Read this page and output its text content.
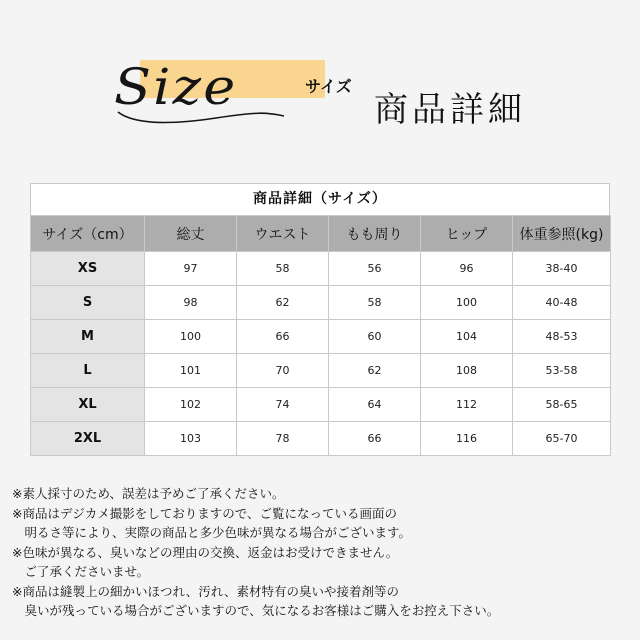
Size	サイズ
商品詳細
商品詳細（サイズ）
サイズ（cm）	総丈	ウエスト	もも周り	ヒップ	体重参照(kg)
XS	97	58	56	96	38-40
S	98	62	58	100	40-48
M	100	66	60	104	48-53
L	101	70	62	108	53-58
XL	102	74	64	112	58-65
2XL	103	78	66	116	65-70
※素人採寸のため、誤差は予めご了承ください。
※商品はデジカメ撮影をしておりますので、ご覧になっている画面の
　明るさ等により、実際の商品と多少色味が異なる場合がございます。
※色味が異なる、臭いなどの理由の交換、返金はお受けできません。
　ご了承くださいませ。
※商品は縫製上の細かいほつれ、汚れ、素材特有の臭いや接着剤等の
　臭いが残っている場合がございますので、気になるお客様はご購入をお控え下さい。
